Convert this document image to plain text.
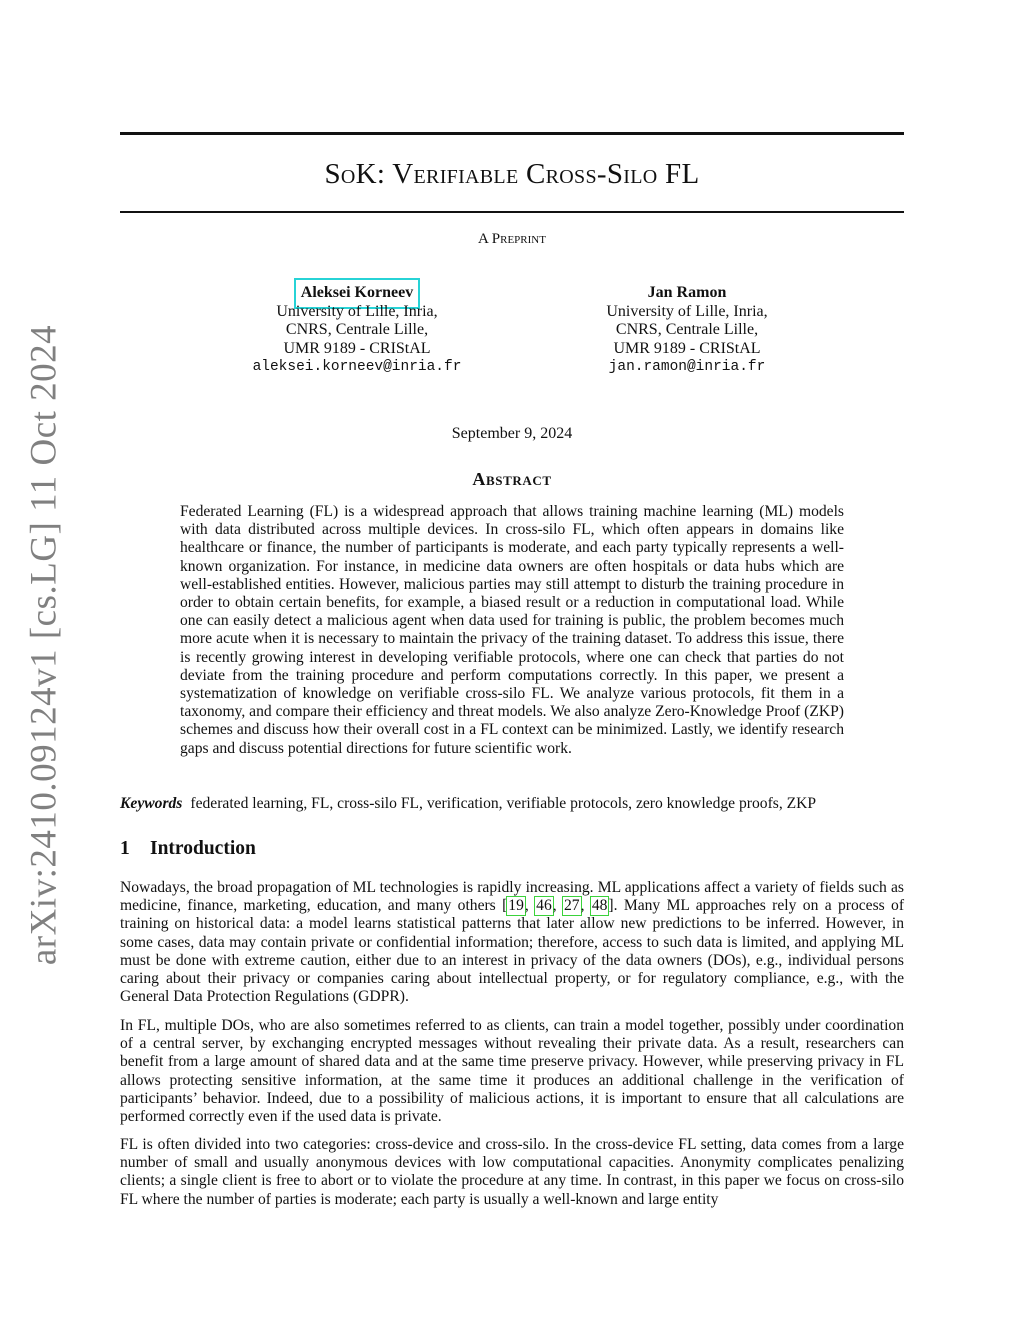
arXiv:2410.09124v1 [cs.LG] 11 Oct 2024
SoK: Verifiable Cross-Silo FL
A Preprint
Aleksei Korneev
University of Lille, Inria,
CNRS, Centrale Lille,
UMR 9189 - CRIStAL
aleksei.korneev@inria.fr
Jan Ramon
University of Lille, Inria,
CNRS, Centrale Lille,
UMR 9189 - CRIStAL
jan.ramon@inria.fr
September 9, 2024
Abstract
Federated Learning (FL) is a widespread approach that allows training machine learning (ML) models with data distributed across multiple devices. In cross-silo FL, which often appears in domains like healthcare or finance, the number of participants is moderate, and each party typically represents a well-known organization. For instance, in medicine data owners are often hospitals or data hubs which are well-established entities. However, malicious parties may still attempt to disturb the training procedure in order to obtain certain benefits, for example, a biased result or a reduction in computational load. While one can easily detect a malicious agent when data used for training is public, the problem becomes much more acute when it is necessary to maintain the privacy of the training dataset. To address this issue, there is recently growing interest in developing verifiable protocols, where one can check that parties do not deviate from the training procedure and perform computations correctly. In this paper, we present a systematization of knowledge on verifiable cross-silo FL. We analyze various protocols, fit them in a taxonomy, and compare their efficiency and threat models. We also analyze Zero-Knowledge Proof (ZKP) schemes and discuss how their overall cost in a FL context can be minimized. Lastly, we identify research gaps and discuss potential directions for future scientific work.
Keywords federated learning, FL, cross-silo FL, verification, verifiable protocols, zero knowledge proofs, ZKP
1 Introduction
Nowadays, the broad propagation of ML technologies is rapidly increasing. ML applications affect a variety of fields such as medicine, finance, marketing, education, and many others [19, 46, 27, 48]. Many ML approaches rely on a process of training on historical data: a model learns statistical patterns that later allow new predictions to be inferred. However, in some cases, data may contain private or confidential information; therefore, access to such data is limited, and applying ML must be done with extreme caution, either due to an interest in privacy of the data owners (DOs), e.g., individual persons caring about their privacy or companies caring about intellectual property, or for regulatory compliance, e.g., with the General Data Protection Regulations (GDPR).
In FL, multiple DOs, who are also sometimes referred to as clients, can train a model together, possibly under coordination of a central server, by exchanging encrypted messages without revealing their private data. As a result, researchers can benefit from a large amount of shared data and at the same time preserve privacy. However, while preserving privacy in FL allows protecting sensitive information, at the same time it produces an additional challenge in the verification of participants’ behavior. Indeed, due to a possibility of malicious actions, it is important to ensure that all calculations are performed correctly even if the used data is private.
FL is often divided into two categories: cross-device and cross-silo. In the cross-device FL setting, data comes from a large number of small and usually anonymous devices with low computational capacities. Anonymity complicates penalizing clients; a single client is free to abort or to violate the procedure at any time. In contrast, in this paper we focus on cross-silo FL where the number of parties is moderate; each party is usually a well-known and large entity
